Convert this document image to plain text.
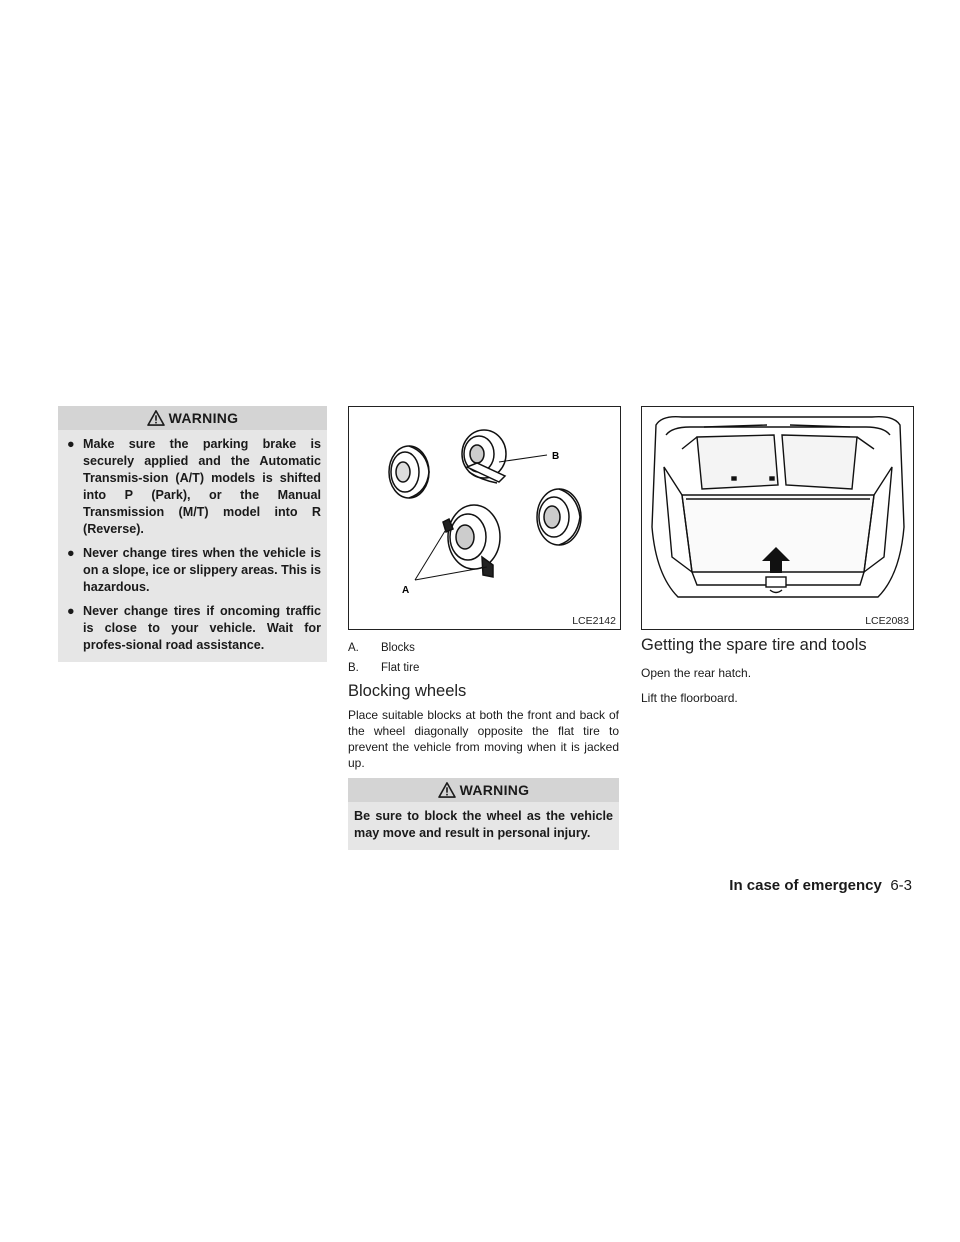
WARNING
● Make sure the parking brake is securely applied and the Automatic Transmis-sion (A/T) models is shifted into P (Park), or the Manual Transmission (M/T) model into R (Reverse).
● Never change tires when the vehicle is on a slope, ice or slippery areas. This is hazardous.
● Never change tires if oncoming traffic is close to your vehicle. Wait for profes-sional road assistance.
B
A
LCE2142
A. Blocks
B. Flat tire
Blocking wheels
Place suitable blocks at both the front and back of the wheel diagonally opposite the flat tire to prevent the vehicle from moving when it is jacked up.
WARNING
Be sure to block the wheel as the vehicle may move and result in personal injury.
LCE2083
Getting the spare tire and tools
Open the rear hatch.
Lift the floorboard.
In case of emergency 6-3
